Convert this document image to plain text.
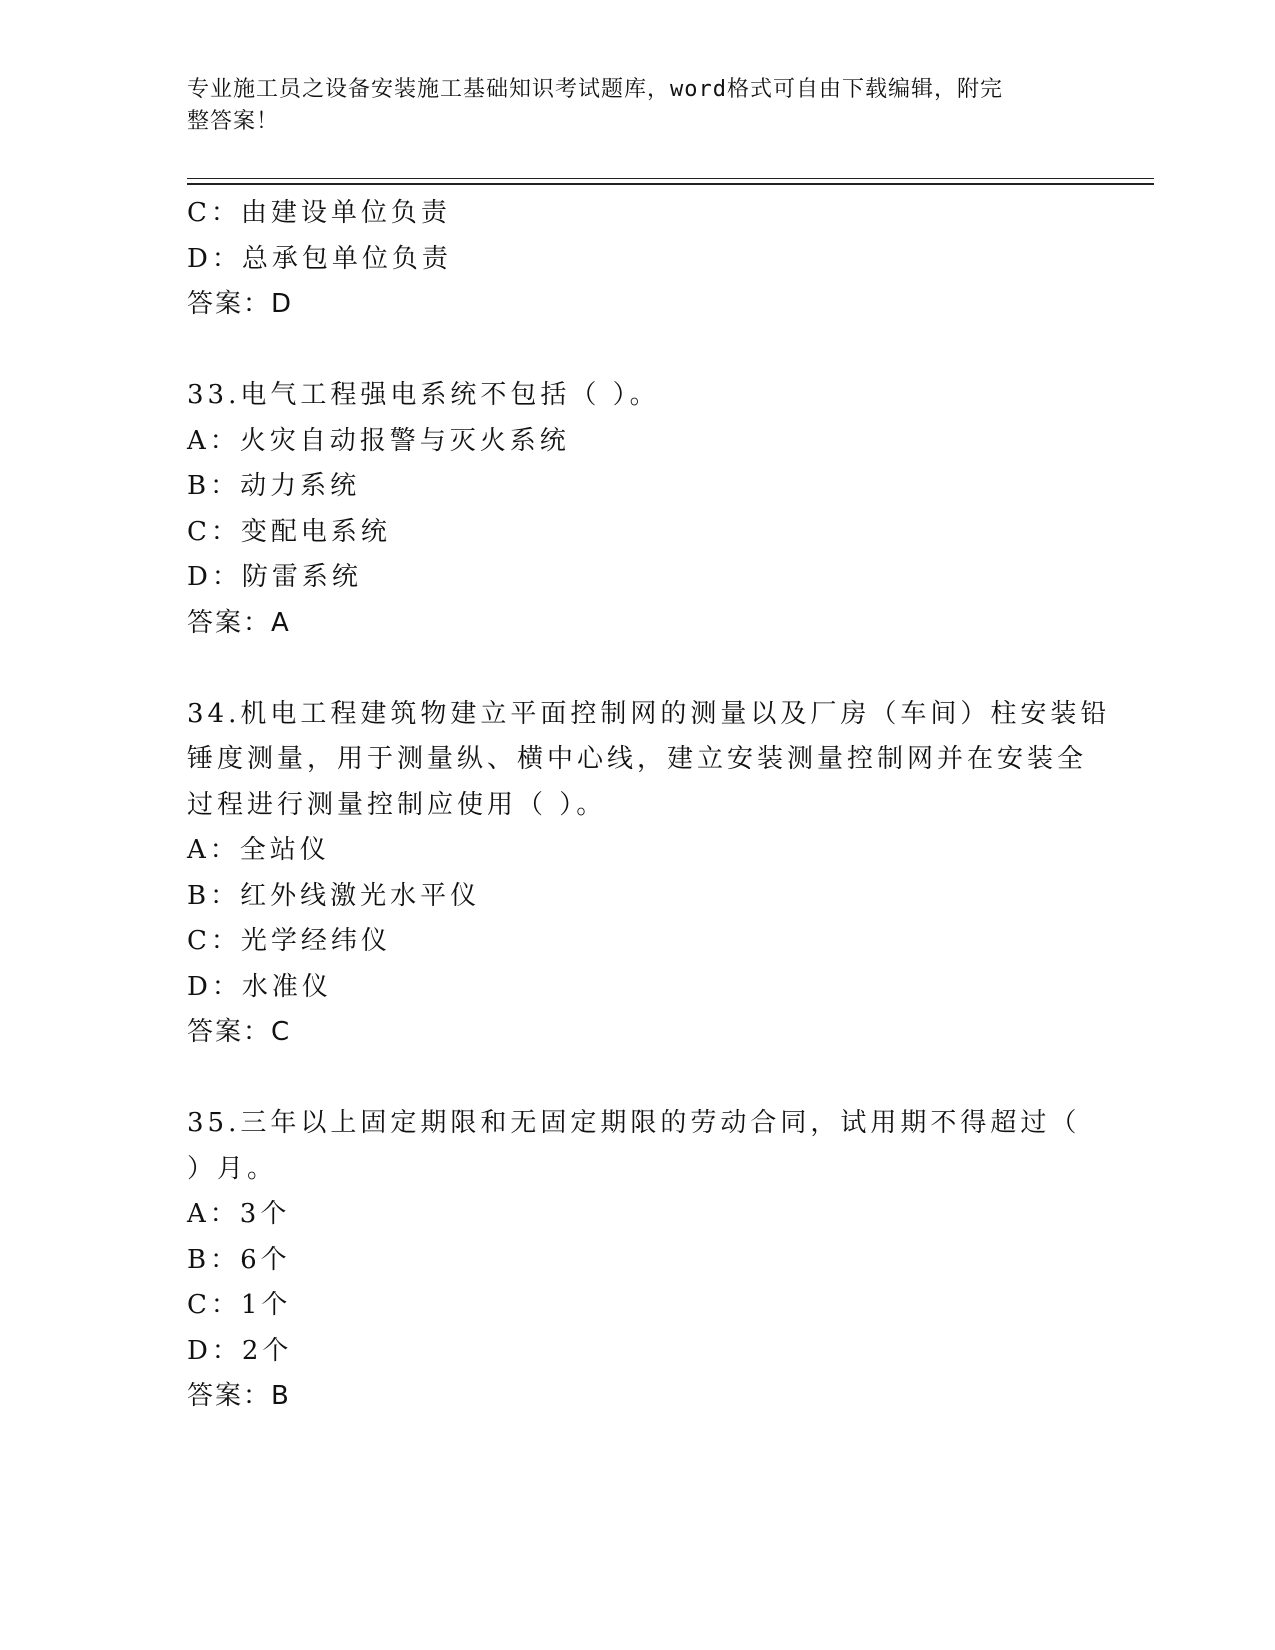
专业施工员之设备安装施工基础知识考试题库，word格式可自由下载编辑，附完
整答案！
C：由建设单位负责
D：总承包单位负责
答案：D
33.电气工程强电系统不包括（ ）。
A：火灾自动报警与灭火系统
B：动力系统
C：变配电系统
D：防雷系统
答案：A
34.机电工程建筑物建立平面控制网的测量以及厂房（车间）柱安装铅
锤度测量，用于测量纵、横中心线，建立安装测量控制网并在安装全
过程进行测量控制应使用（ ）。
A：全站仪
B：红外线激光水平仪
C：光学经纬仪
D：水准仪
答案：C
35.三年以上固定期限和无固定期限的劳动合同，试用期不得超过（
）月。
A：3个
B：6个
C：1个
D：2个
答案：B
